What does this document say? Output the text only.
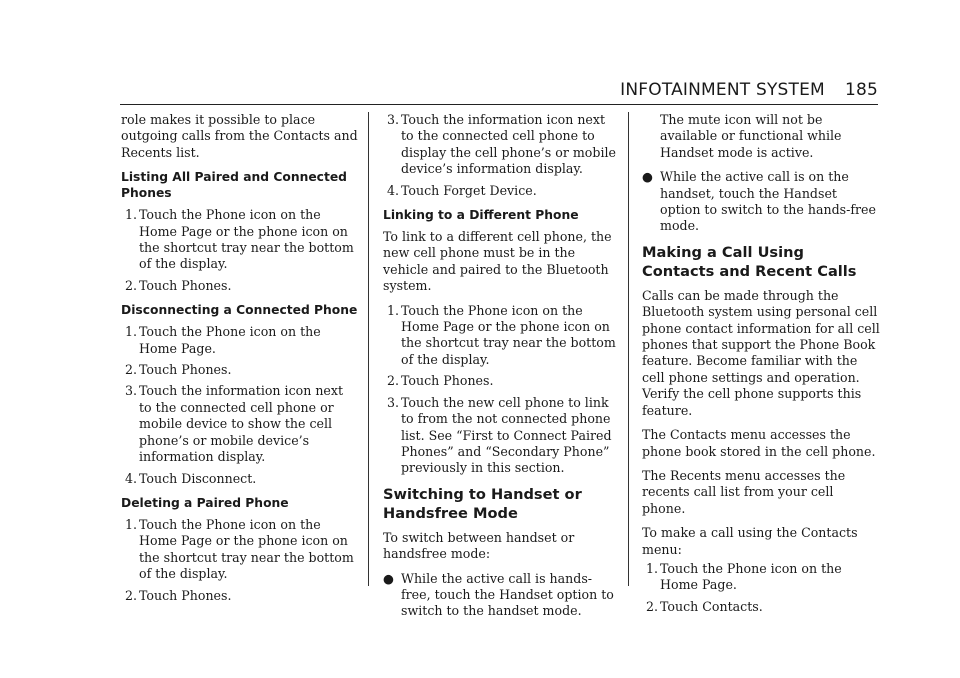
INFOTAINMENT SYSTEM 185

role makes it possible to place outgoing calls from the Contacts and Recents list.

Listing All Paired and Connected Phones
1. Touch the Phone icon on the Home Page or the phone icon on the shortcut tray near the bottom of the display.
2. Touch Phones.
Disconnecting a Connected Phone
1. Touch the Phone icon on the Home Page.
2. Touch Phones.
3. Touch the information icon next to the connected cell phone or mobile device to show the cell phone’s or mobile device’s information display.
4. Touch Disconnect.
Deleting a Paired Phone
1. Touch the Phone icon on the Home Page or the phone icon on the shortcut tray near the bottom of the display.
2. Touch Phones.
3. Touch the information icon next to the connected cell phone to display the cell phone’s or mobile device’s information display.
4. Touch Forget Device.
Linking to a Different Phone

To link to a different cell phone, the new cell phone must be in the vehicle and paired to the Bluetooth system.

1. Touch the Phone icon on the Home Page or the phone icon on the shortcut tray near the bottom of the display.
2. Touch Phones.
3. Touch the new cell phone to link to from the not connected phone list. See “First to Connect Paired Phones” and “Secondary Phone” previously in this section.
Switching to Handset or Handsfree Mode

To switch between handset or handsfree mode:

● While the active call is hands-free, touch the Handset option to switch to the handset mode.

The mute icon will not be available or functional while Handset mode is active.

● While the active call is on the handset, touch the Handset option to switch to the hands-free mode.
Making a Call Using Contacts and Recent Calls

Calls can be made through the Bluetooth system using personal cell phone contact information for all cell phones that support the Phone Book feature. Become familiar with the cell phone settings and operation. Verify the cell phone supports this feature.

The Contacts menu accesses the phone book stored in the cell phone.

The Recents menu accesses the recents call list from your cell phone.

To make a call using the Contacts menu:

1. Touch the Phone icon on the Home Page.
2. Touch Contacts.
